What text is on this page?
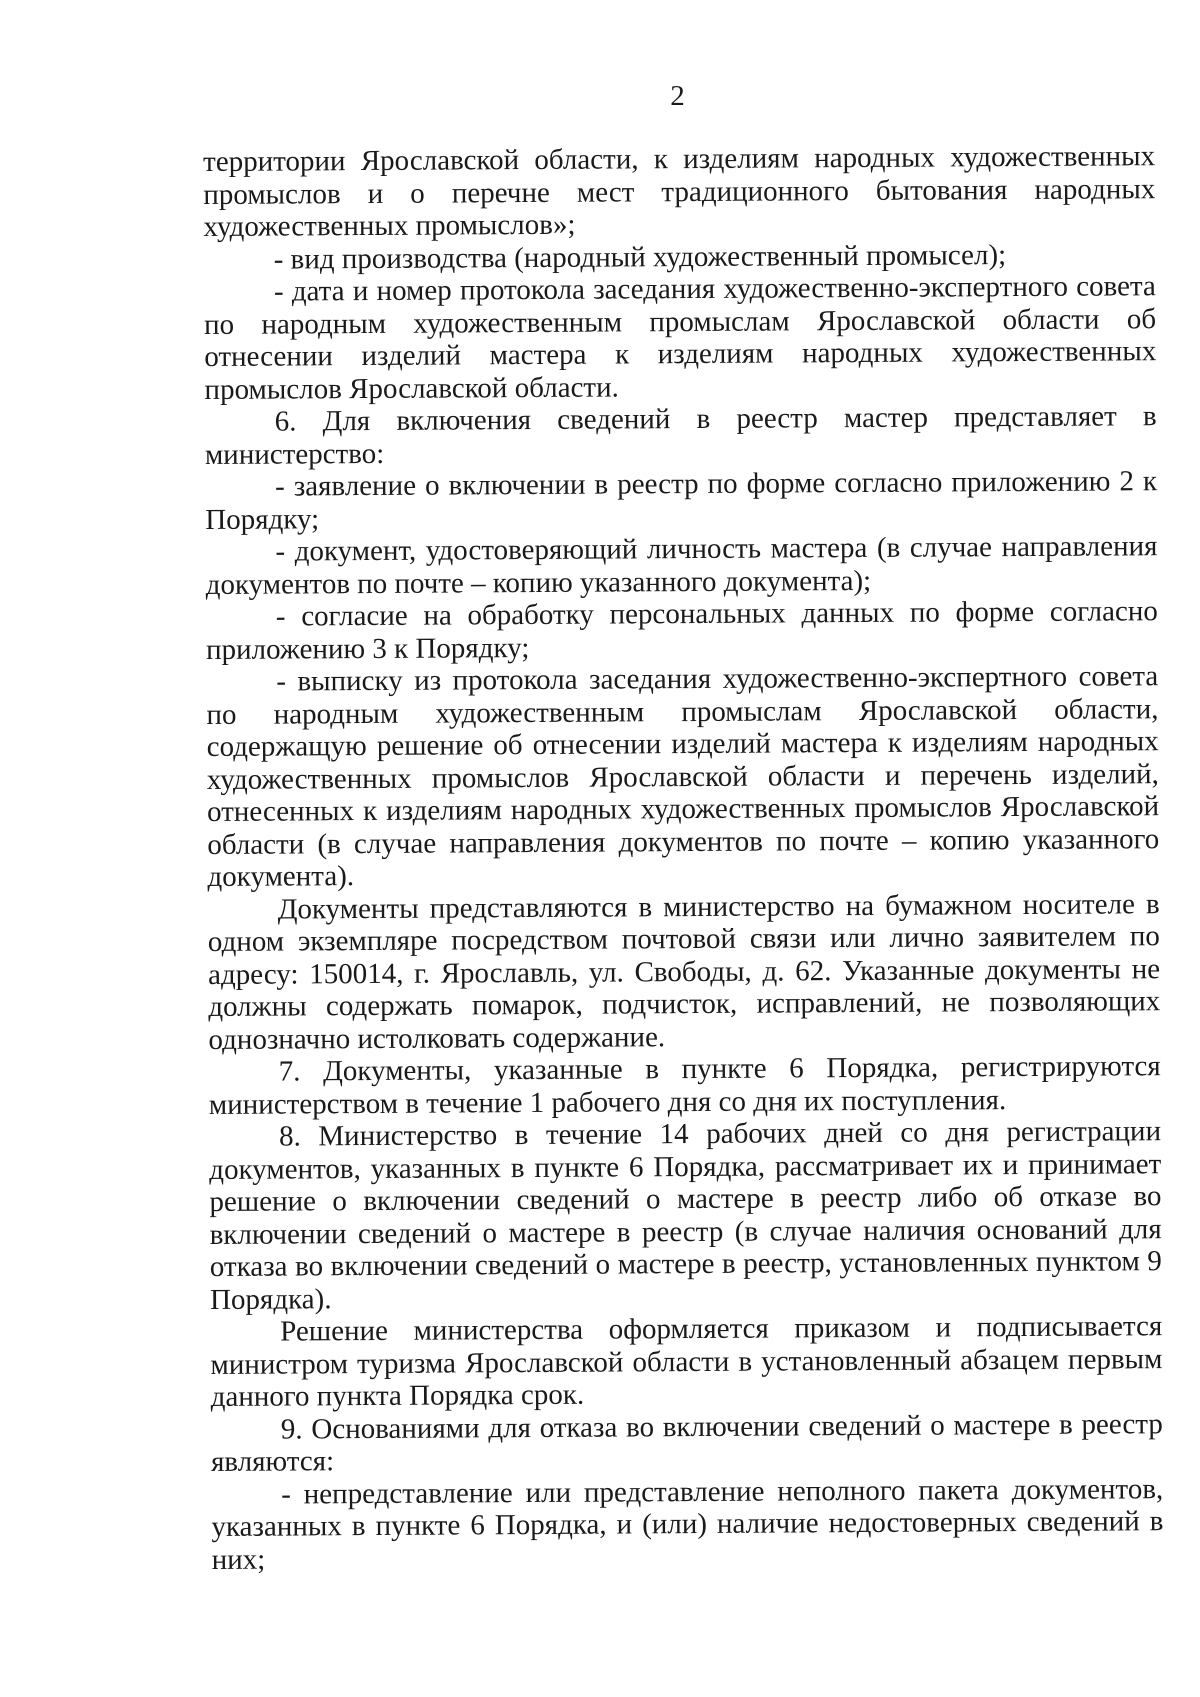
2

территории Ярославской области, к изделиям народных художественных промыслов и о перечне мест традиционного бытования народных художественных промыслов»;

- вид производства (народный художественный промысел);

- дата и номер протокола заседания художественно-экспертного совета по народным художественным промыслам Ярославской области об отнесении изделий мастера к изделиям народных художественных промыслов Ярославской области.

6. Для включения сведений в реестр мастер представляет в министерство:

- заявление о включении в реестр по форме согласно приложению 2 к Порядку;

- документ, удостоверяющий личность мастера (в случае направления документов по почте – копию указанного документа);

- согласие на обработку персональных данных по форме согласно приложению 3 к Порядку;

- выписку из протокола заседания художественно-экспертного совета по народным художественным промыслам Ярославской области, содержащую решение об отнесении изделий мастера к изделиям народных художественных промыслов Ярославской области и перечень изделий, отнесенных к изделиям народных художественных промыслов Ярославской области (в случае направления документов по почте – копию указанного документа).

Документы представляются в министерство на бумажном носителе в одном экземпляре посредством почтовой связи или лично заявителем по адресу: 150014, г. Ярославль, ул. Свободы, д. 62. Указанные документы не должны содержать помарок, подчисток, исправлений, не позволяющих однозначно истолковать содержание.

7. Документы, указанные в пункте 6 Порядка, регистрируются министерством в течение 1 рабочего дня со дня их поступления.

8. Министерство в течение 14 рабочих дней со дня регистрации документов, указанных в пункте 6 Порядка, рассматривает их и принимает решение о включении сведений о мастере в реестр либо об отказе во включении сведений о мастере в реестр (в случае наличия оснований для отказа во включении сведений о мастере в реестр, установленных пунктом 9 Порядка).

Решение министерства оформляется приказом и подписывается министром туризма Ярославской области в установленный абзацем первым данного пункта Порядка срок.

9. Основаниями для отказа во включении сведений о мастере в реестр являются:

- непредставление или представление неполного пакета документов, указанных в пункте 6 Порядка, и (или) наличие недостоверных сведений в них;
